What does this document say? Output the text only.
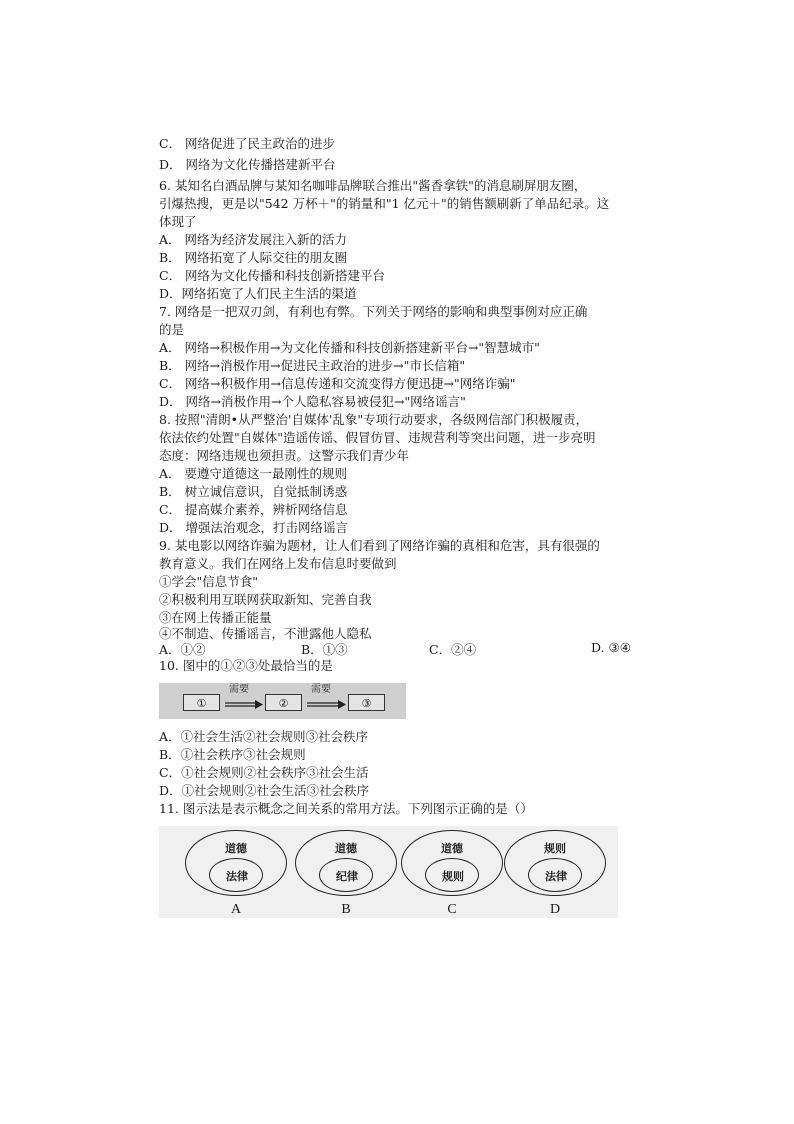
C． 网络促进了民主政治的进步
D． 网络为文化传播搭建新平台
6. 某知名白酒品牌与某知名咖啡品牌联合推出"酱香拿铁"的消息刷屏朋友圈，
引爆热搜，更是以"542 万杯＋"的销量和"1 亿元＋"的销售额刷新了单品纪录。这
体现了
A． 网络为经济发展注入新的活力
B． 网络拓宽了人际交往的朋友圈
C． 网络为文化传播和科技创新搭建平台
D．网络拓宽了人们民主生活的渠道
7. 网络是一把双刃剑，有利也有弊。下列关于网络的影响和典型事例对应正确
的是
A． 网络→积极作用→为文化传播和科技创新搭建新平台→"智慧城市"
B． 网络→消极作用→促进民主政治的进步→"市长信箱"
C． 网络→积极作用→信息传递和交流变得方便迅捷→"网络诈骗"
D． 网络→消极作用→个人隐私容易被侵犯→"网络谣言"
8. 按照"清朗•从严整治'自媒体'乱象"专项行动要求，各级网信部门积极履责，
依法依约处置"自媒体"造谣传谣、假冒仿冒、违规营利等突出问题，进一步亮明
态度：网络违规也须担责。这警示我们青少年
A． 要遵守道德这一最刚性的规则
B． 树立诚信意识，自觉抵制诱惑
C． 提高媒介素养，辨析网络信息
D． 增强法治观念，打击网络谣言
9. 某电影以网络诈骗为题材，让人们看到了网络诈骗的真相和危害，具有很强的
教育意义。我们在网络上发布信息时要做到
①学会"信息节食"
②积极利用互联网获取新知、完善自我
③在网上传播正能量
④不制造、传播谣言，不泄露他人隐私
A．①②	B．①③	C．②④	D. ③④
10. 图中的①②③处最恰当的是
①
需要
②
需要
③
A．①社会生活②社会规则③社会秩序
B．①社会秩序③社会规则
C．①社会规则②社会秩序③社会生活
D．①社会规则②社会生活③社会秩序
11. 图示法是表示概念之间关系的常用方法。下列图示正确的是（）
道德
法律
A
道德
纪律
B
道德
规则
C
规则
法律
D
